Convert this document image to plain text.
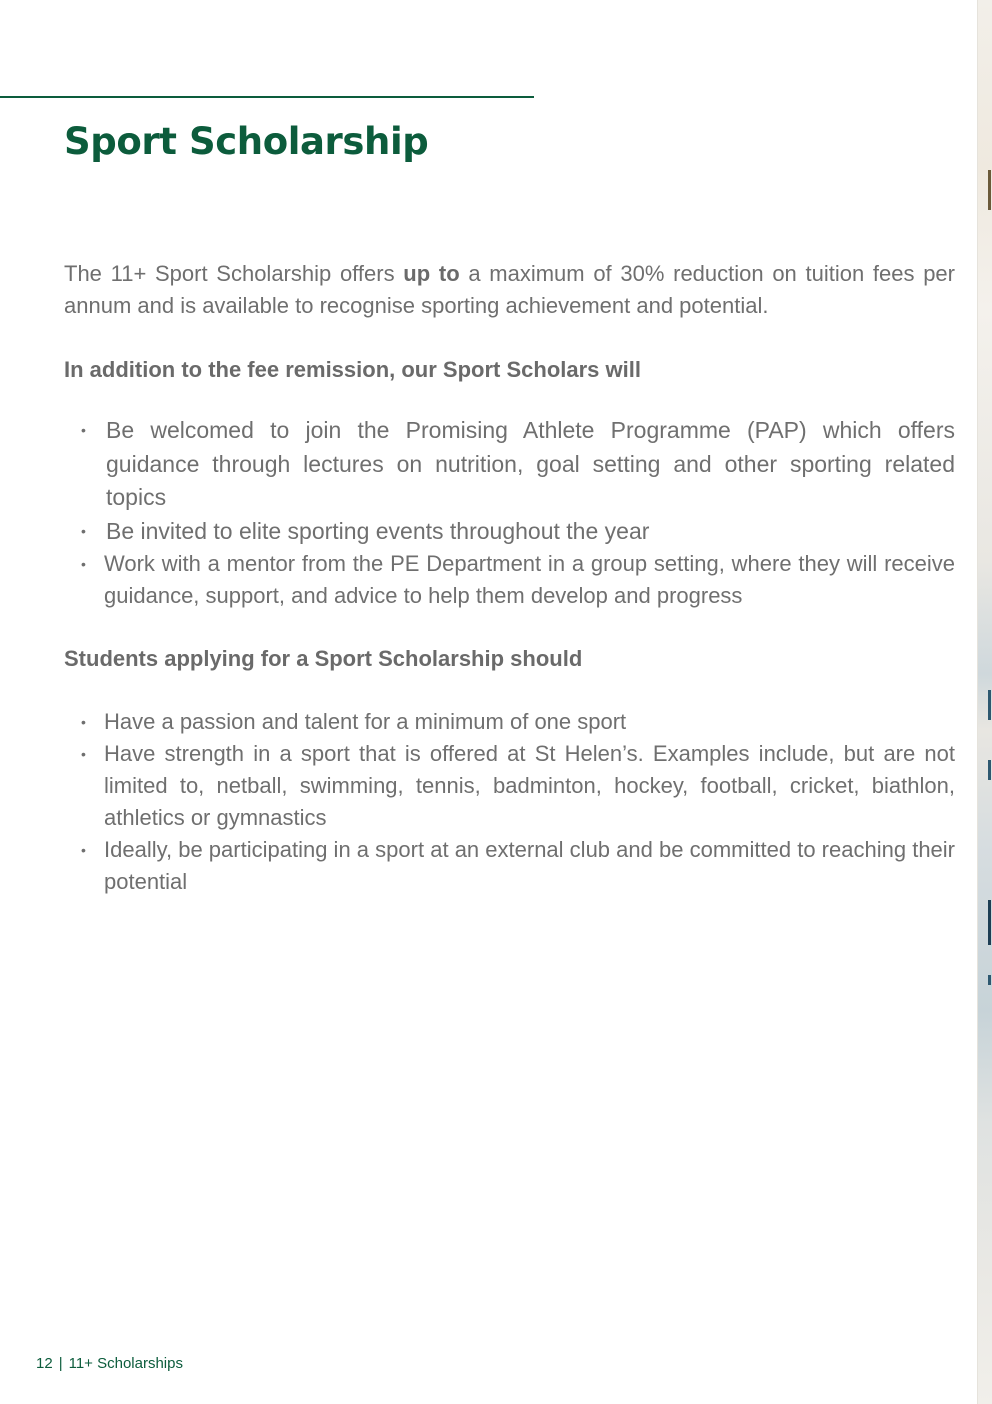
Sport Scholarship

The 11+ Sport Scholarship offers up to a maximum of 30% reduction on tuition fees per annum and is available to recognise sporting achievement and potential.

In addition to the fee remission, our Sport Scholars will

• Be welcomed to join the Promising Athlete Programme (PAP) which offers guidance through lectures on nutrition, goal setting and other sporting related topics
• Be invited to elite sporting events throughout the year
• Work with a mentor from the PE Department in a group setting, where they will receive guidance, support, and advice to help them develop and progress

Students applying for a Sport Scholarship should

• Have a passion and talent for a minimum of one sport
• Have strength in a sport that is offered at St Helen’s. Examples include, but are not limited to, netball, swimming, tennis, badminton, hockey, football, cricket, biathlon, athletics or gymnastics
• Ideally, be participating in a sport at an external club and be committed to reaching their potential
12 | 11+ Scholarships
